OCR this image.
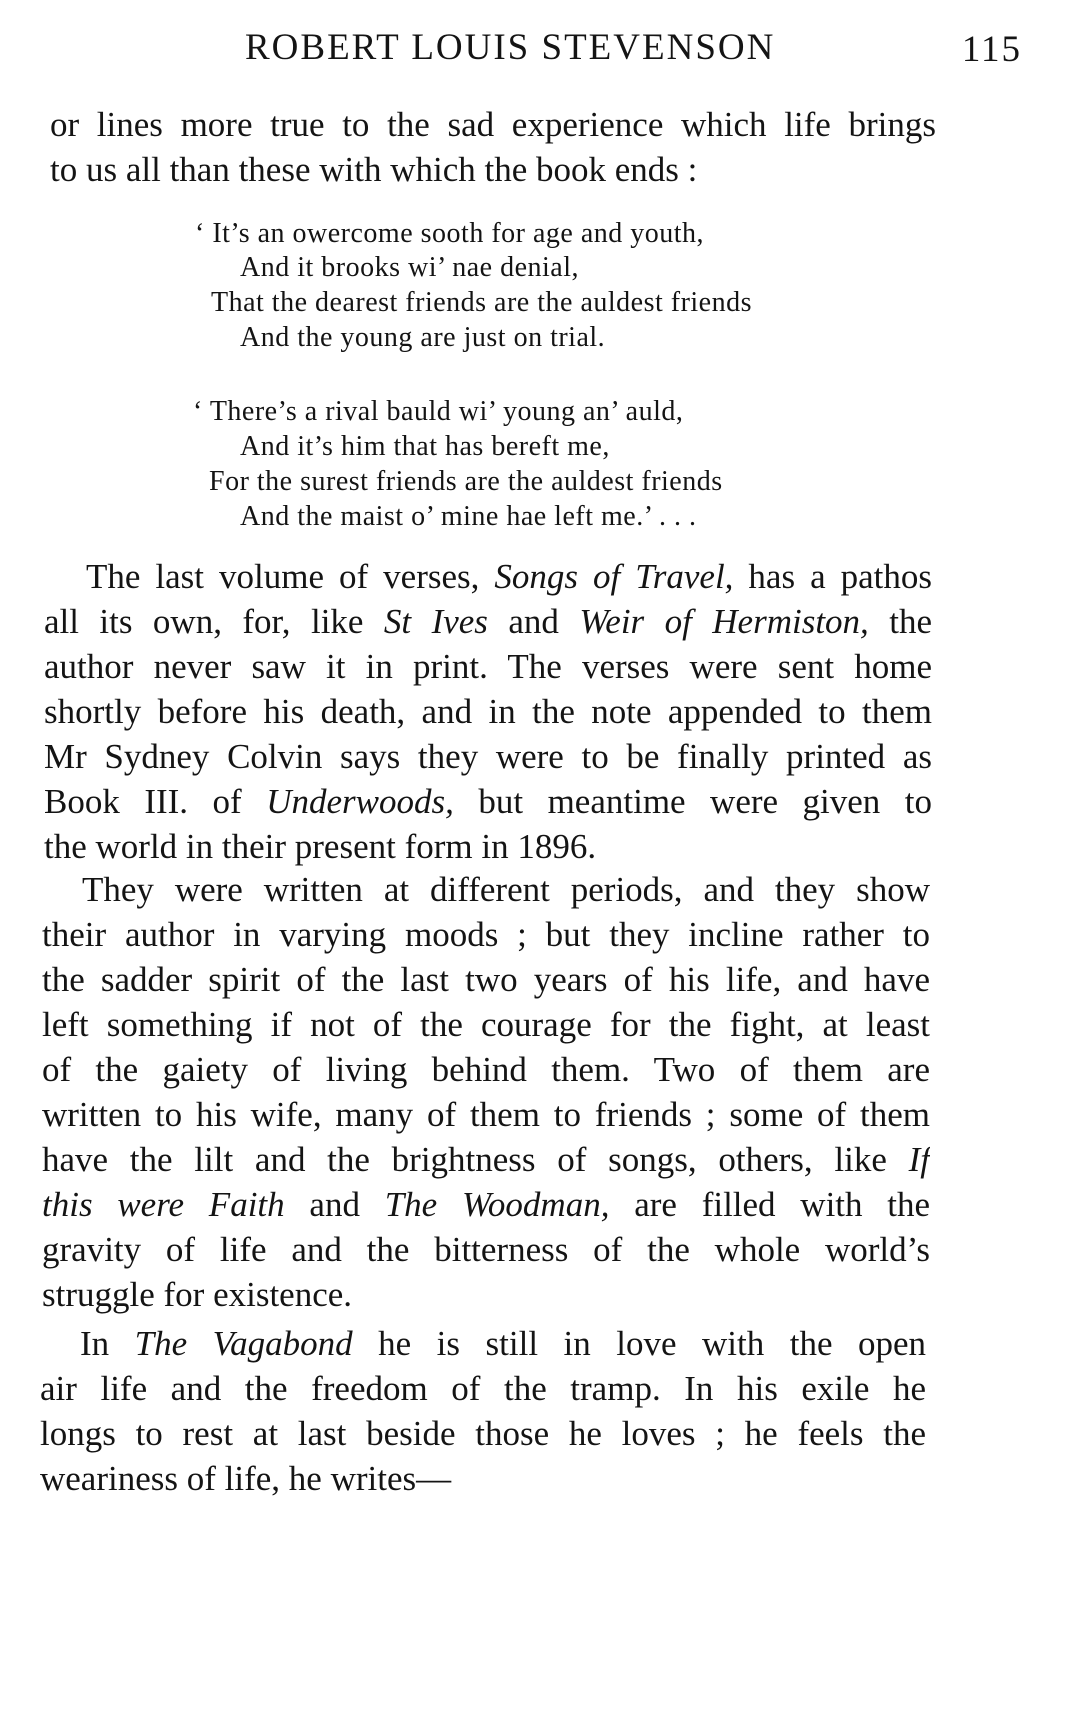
ROBERT LOUIS STEVENSON	115
or lines more true to the sad experience which life brings
to us all than these with which the book ends :
‘ It’s an owercome sooth for age and youth,
And it brooks wi’ nae denial,
That the dearest friends are the auldest friends
And the young are just on trial.
‘ There’s a rival bauld wi’ young an’ auld,
And it’s him that has bereft me,
For the surest friends are the auldest friends
And the maist o’ mine hae left me.’ . . .
The last volume of verses, Songs of Travel, has a pathos
all its own, for, like St Ives and Weir of Hermiston, the
author never saw it in print. The verses were sent home
shortly before his death, and in the note appended to them
Mr Sydney Colvin says they were to be finally printed as
Book III. of Underwoods, but meantime were given to
the world in their present form in 1896.
They were written at different periods, and they show
their author in varying moods ; but they incline rather to
the sadder spirit of the last two years of his life, and have
left something if not of the courage for the fight, at least
of the gaiety of living behind them. Two of them are
written to his wife, many of them to friends ; some of them
have the lilt and the brightness of songs, others, like If
this were Faith and The Woodman, are filled with the
gravity of life and the bitterness of the whole world’s
struggle for existence.
In The Vagabond he is still in love with the open
air life and the freedom of the tramp. In his exile he
longs to rest at last beside those he loves ; he feels the
weariness of life, he writes—
